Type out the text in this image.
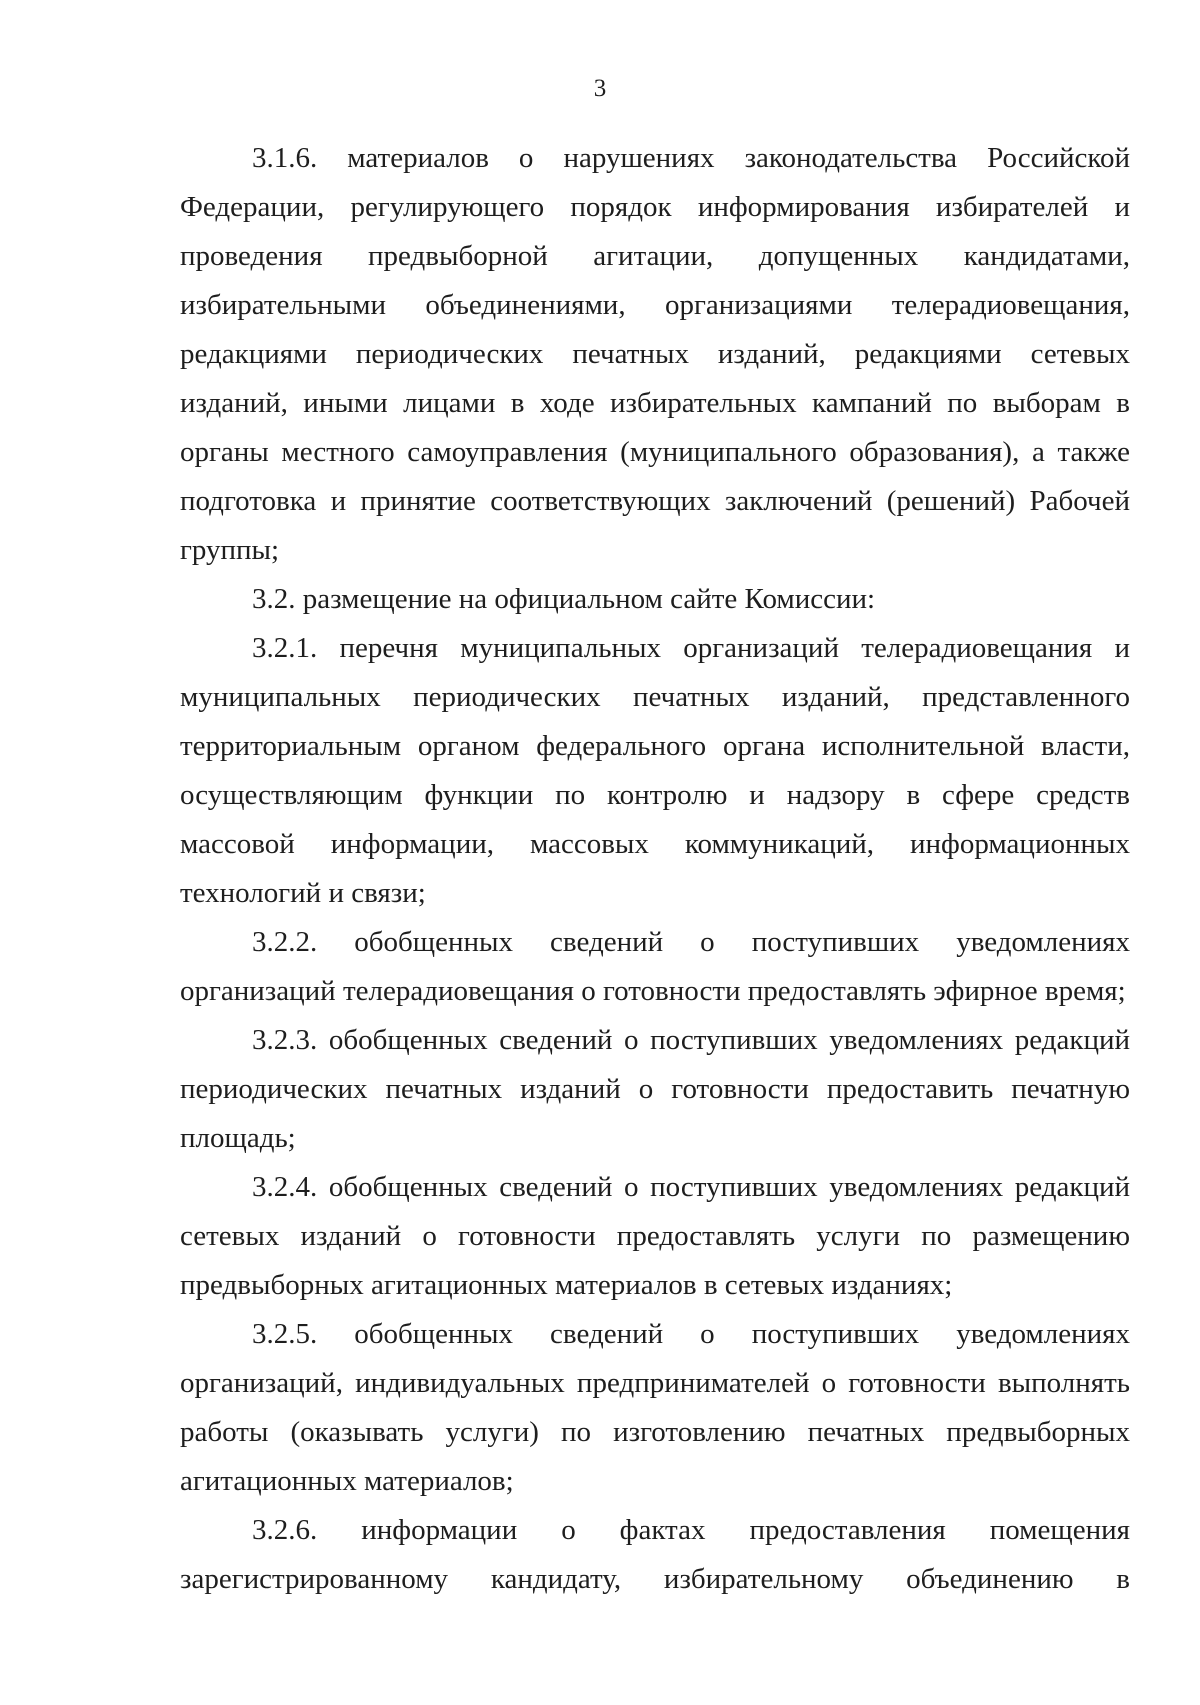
3

3.1.6. материалов о нарушениях законодательства Российской Федерации, регулирующего порядок информирования избирателей и проведения предвыборной агитации, допущенных кандидатами, избирательными объединениями, организациями телерадиовещания, редакциями периодических печатных изданий, редакциями сетевых изданий, иными лицами в ходе избирательных кампаний по выборам в органы местного самоуправления (муниципального образования), а также подготовка и принятие соответствующих заключений (решений) Рабочей группы;

3.2. размещение на официальном сайте Комиссии:

3.2.1. перечня муниципальных организаций телерадиовещания и муниципальных периодических печатных изданий, представленного территориальным органом федерального органа исполнительной власти, осуществляющим функции по контролю и надзору в сфере средств массовой информации, массовых коммуникаций, информационных технологий и связи;

3.2.2. обобщенных сведений о поступивших уведомлениях организаций телерадиовещания о готовности предоставлять эфирное время;

3.2.3. обобщенных сведений о поступивших уведомлениях редакций периодических печатных изданий о готовности предоставить печатную площадь;

3.2.4. обобщенных сведений о поступивших уведомлениях редакций сетевых изданий о готовности предоставлять услуги по размещению предвыборных агитационных материалов в сетевых изданиях;

3.2.5. обобщенных сведений о поступивших уведомлениях организаций, индивидуальных предпринимателей о готовности выполнять работы (оказывать услуги) по изготовлению печатных предвыборных агитационных материалов;

3.2.6. информации о фактах предоставления помещения зарегистрированному кандидату, избирательному объединению в
